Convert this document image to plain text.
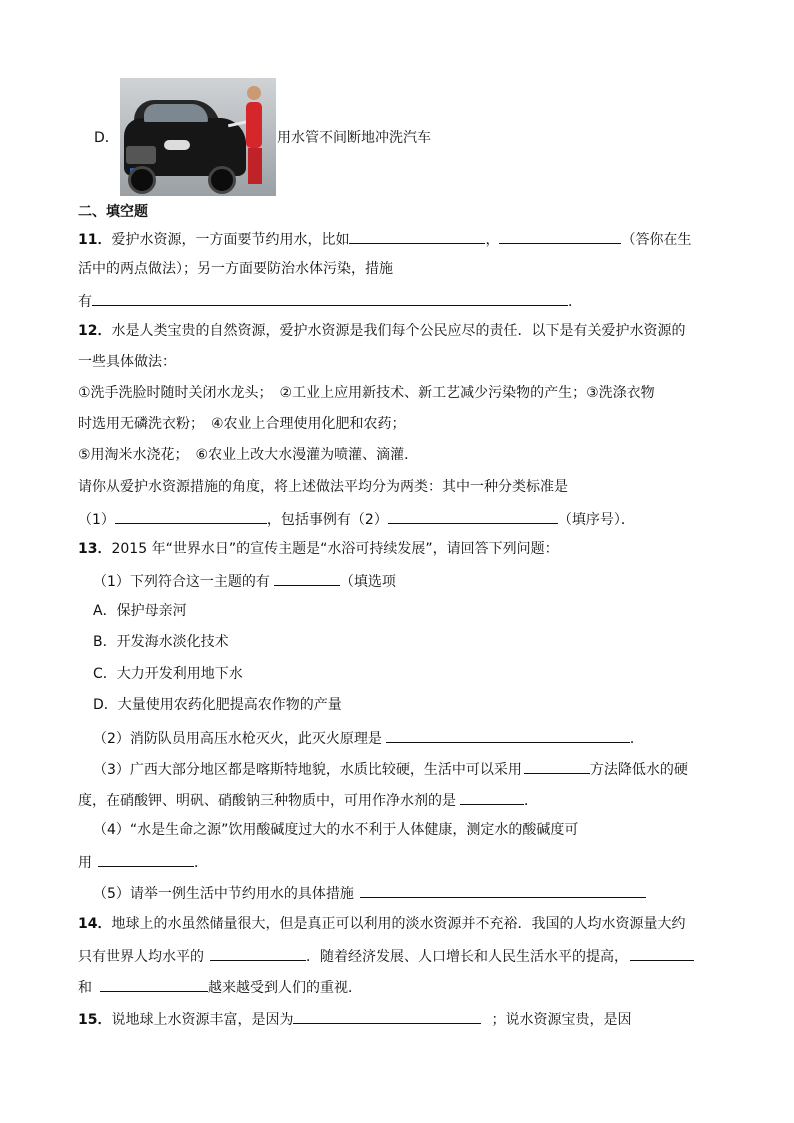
D．	用水管不间断地冲洗汽车
二、填空题
11．爱护水资源，一方面要节约用水，比如	，	（答你在生
活中的两点做法）；另一方面要防治水体污染，措施
有	．
12．水是人类宝贵的自然资源，爱护水资源是我们每个公民应尽的责任．以下是有关爱护水资源的
一些具体做法：
①洗手洗脸时随时关闭水龙头；　②工业上应用新技术、新工艺减少污染物的产生；③洗涤衣物
时选用无磷洗衣粉；　④农业上合理使用化肥和农药；
⑤用淘米水浇花；　⑥农业上改大水漫灌为喷灌、滴灌．
请你从爱护水资源措施的角度，将上述做法平均分为两类：其中一种分类标准是
（1）	，包括事例有（2）	（填序号）．
13．2015 年“世界水日”的宣传主题是“水浴可持续发展”，请回答下列问题：
（1）下列符合这一主题的有	（填选项
A．保护母亲河
B．开发海水淡化技术
C．大力开发利用地下水
D．大量使用农药化肥提高农作物的产量
（2）消防队员用高压水枪灭火，此灭火原理是	．
（3）广西大部分地区都是喀斯特地貌，水质比较硬，生活中可以采用	方法降低水的硬
度，在硝酸钾、明矾、硝酸钠三种物质中，可用作净水剂的是	．
（4）“水是生命之源”饮用酸碱度过大的水不利于人体健康，测定水的酸碱度可
用	．
（5）请举一例生活中节约用水的具体措施
14．地球上的水虽然储量很大，但是真正可以利用的淡水资源并不充裕．我国的人均水资源量大约
只有世界人均水平的	．随着经济发展、人口增长和人民生活水平的提高，
和	越来越受到人们的重视．
15．说地球上水资源丰富，是因为	；说水资源宝贵，是因
